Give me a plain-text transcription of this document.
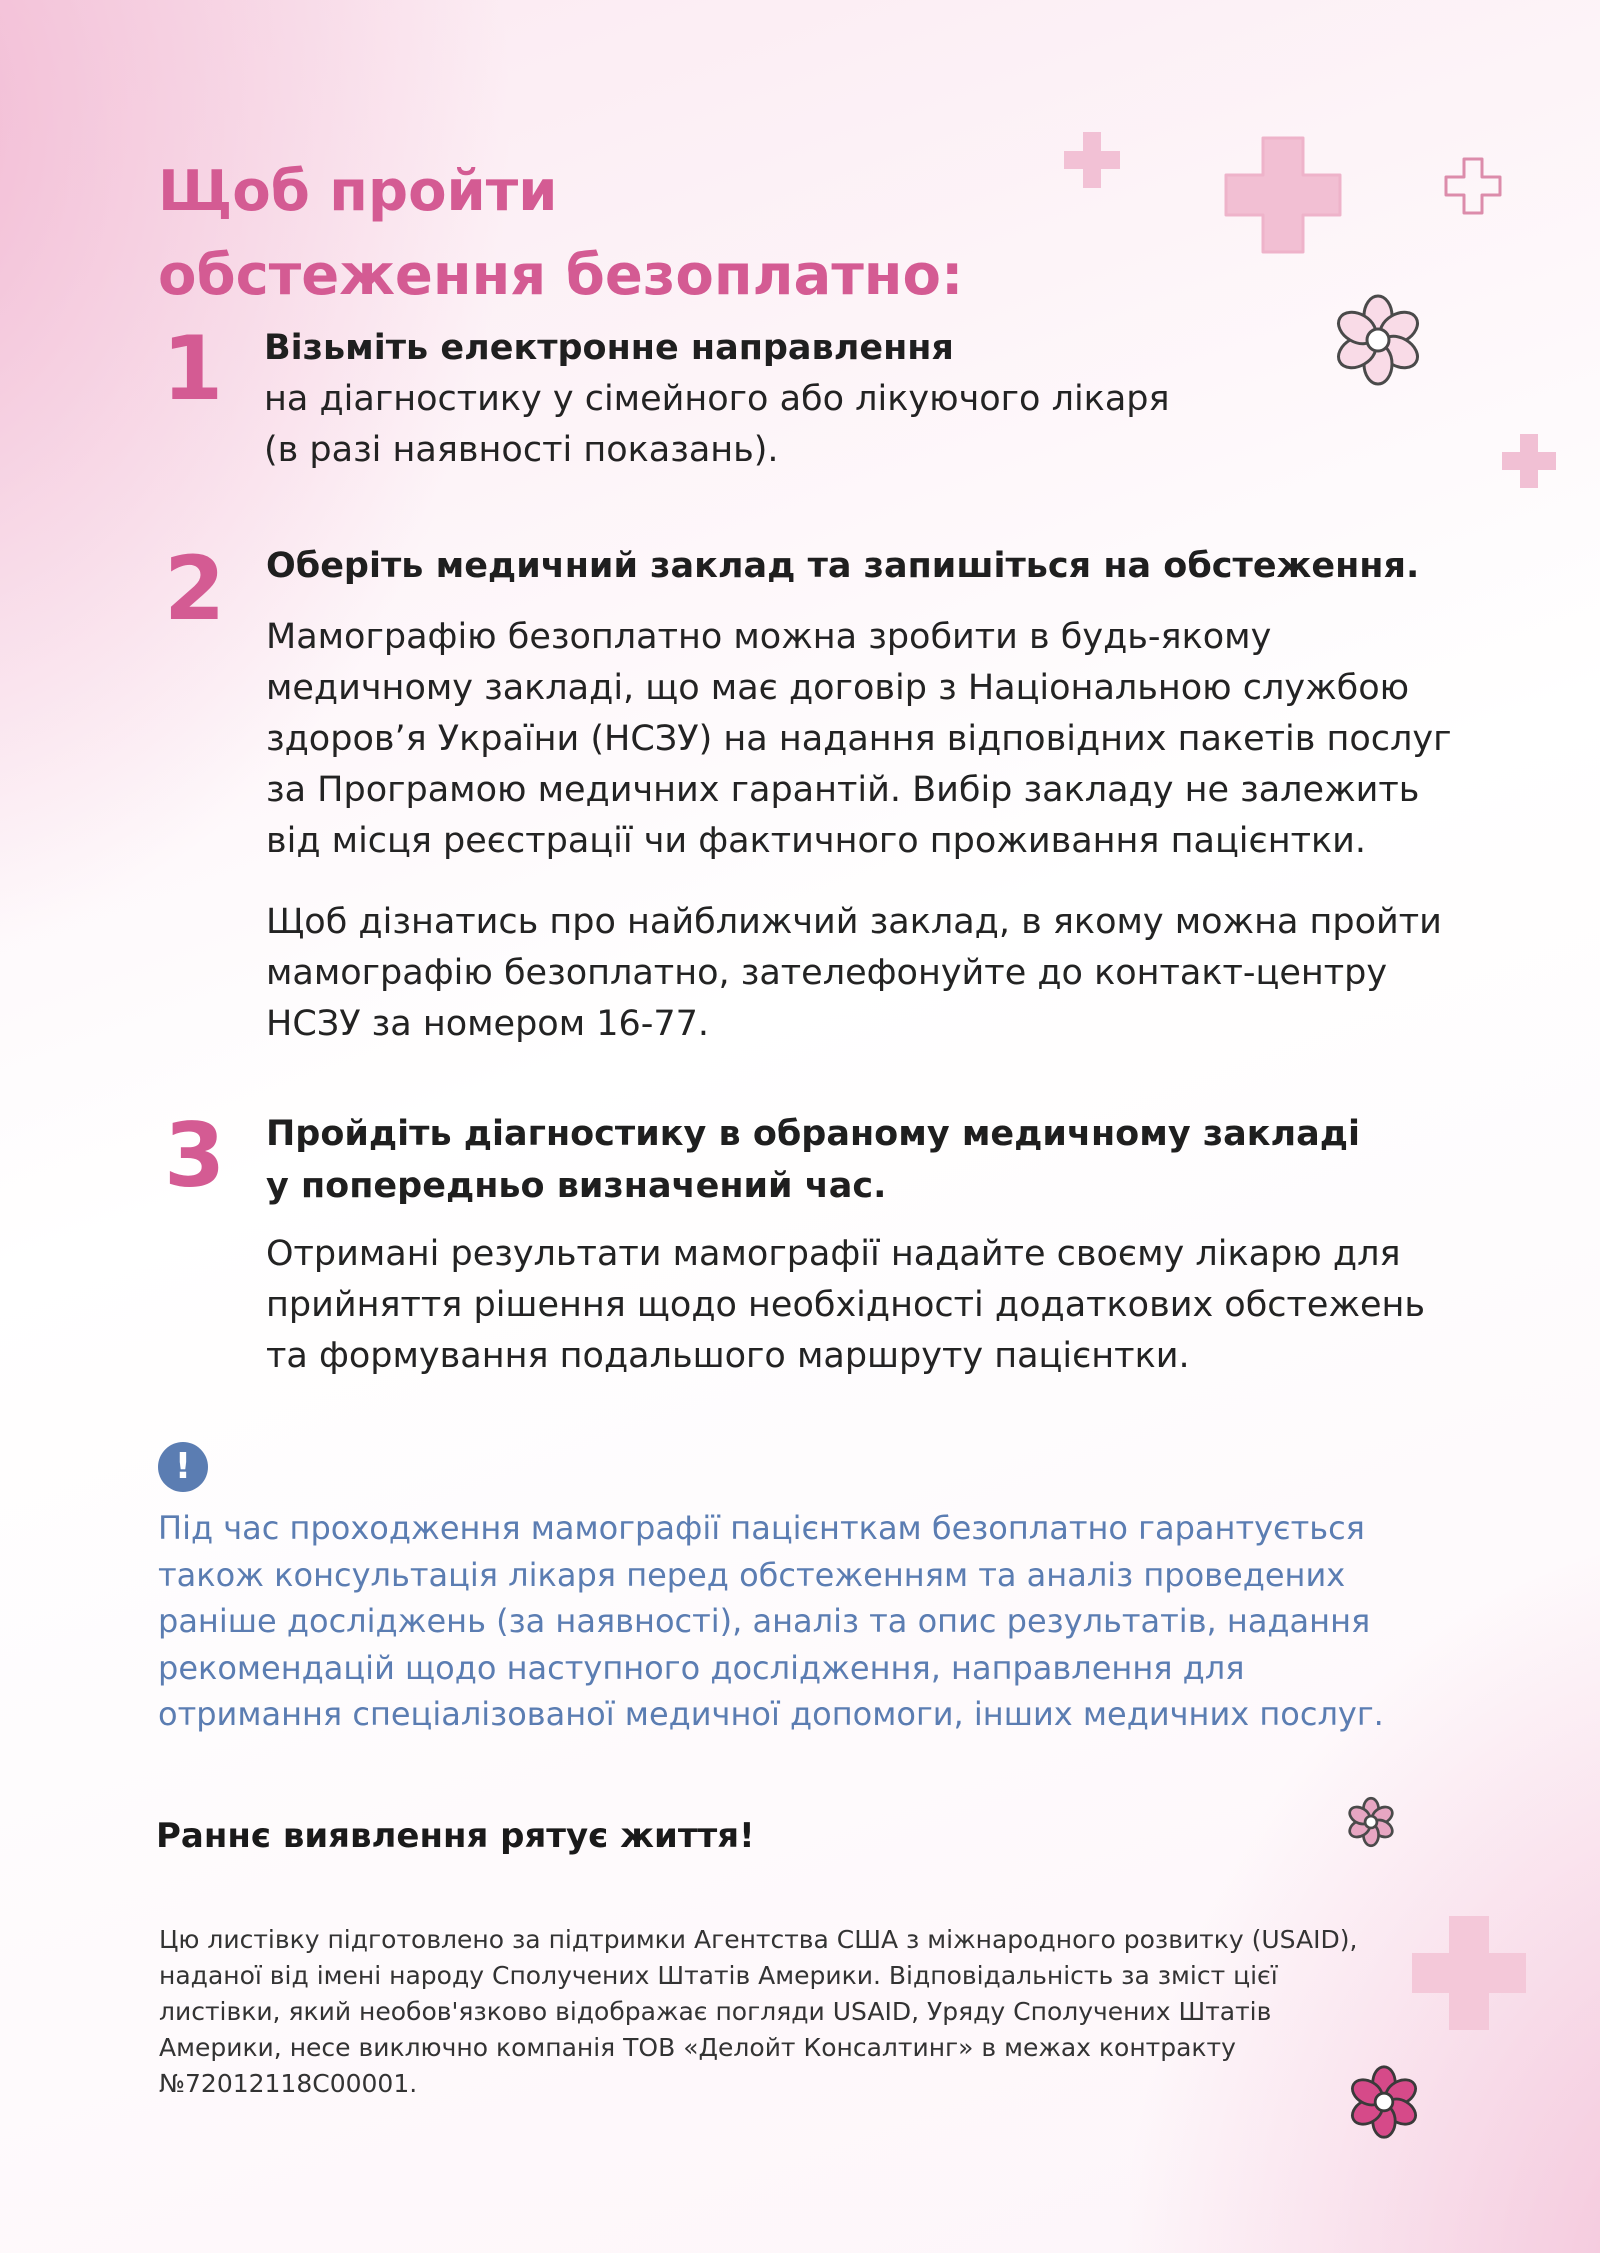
Щоб пройти
обстеження безоплатно:
1 Візьміть електронне направлення
на діагностику у сімейного або лікуючого лікаря
(в разі наявності показань).
2 Оберіть медичний заклад та запишіться на обстеження.
Мамографію безоплатно можна зробити в будь-якому
медичному закладі, що має договір з Національною службою
здоров’я України (НСЗУ) на надання відповідних пакетів послуг
за Програмою медичних гарантій. Вибір закладу не залежить
від місця реєстрації чи фактичного проживання пацієнтки.
Щоб дізнатись про найближчий заклад, в якому можна пройти
мамографію безоплатно, зателефонуйте до контакт-центру
НСЗУ за номером 16-77.
3 Пройдіть діагностику в обраному медичному закладі
у попередньо визначений час.
Отримані результати мамографії надайте своєму лікарю для
прийняття рішення щодо необхідності додаткових обстежень
та формування подальшого маршруту пацієнтки.
!
Під час проходження мамографії пацієнткам безоплатно гарантується
також консультація лікаря перед обстеженням та аналіз проведених
раніше досліджень (за наявності), аналіз та опис результатів, надання
рекомендацій щодо наступного дослідження, направлення для
отримання спеціалізованої медичної допомоги, інших медичних послуг.
Раннє виявлення рятує життя!
Цю листівку підготовлено за підтримки Агентства США з міжнародного розвитку (USAID),
наданої від імені народу Сполучених Штатів Америки. Відповідальність за зміст цієї
листівки, який необов'язково відображає погляди USAID, Уряду Сполучених Штатів
Америки, несе виключно компанія ТОВ «Делойт Консалтинг» в межах контракту
№72012118C00001.
